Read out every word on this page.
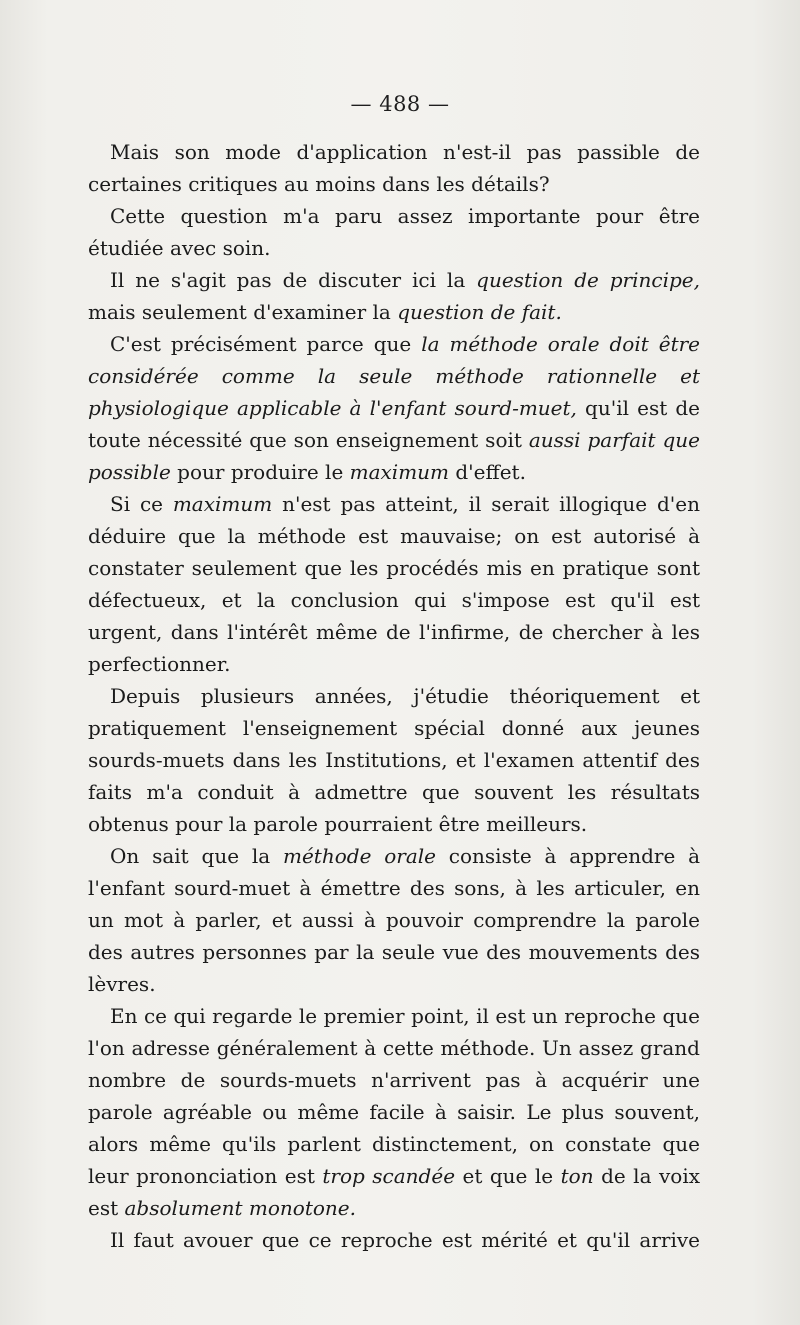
— 488 —

Mais son mode d'application n'est-il pas passible de certaines critiques au moins dans les détails?

Cette question m'a paru assez importante pour être étudiée avec soin.

Il ne s'agit pas de discuter ici la question de principe, mais seulement d'examiner la question de fait.

C'est précisément parce que la méthode orale doit être considérée comme la seule méthode rationnelle et physiologique applicable à l'enfant sourd-muet, qu'il est de toute nécessité que son enseignement soit aussi parfait que possible pour produire le maximum d'effet.

Si ce maximum n'est pas atteint, il serait illogique d'en déduire que la méthode est mauvaise; on est autorisé à constater seulement que les procédés mis en pratique sont défectueux, et la conclusion qui s'impose est qu'il est urgent, dans l'intérêt même de l'infirme, de chercher à les perfectionner.

Depuis plusieurs années, j'étudie théoriquement et pratiquement l'enseignement spécial donné aux jeunes sourds-muets dans les Institutions, et l'examen attentif des faits m'a conduit à admettre que souvent les résultats obtenus pour la parole pourraient être meilleurs.

On sait que la méthode orale consiste à apprendre à l'enfant sourd-muet à émettre des sons, à les articuler, en un mot à parler, et aussi à pouvoir comprendre la parole des autres personnes par la seule vue des mouvements des lèvres.

En ce qui regarde le premier point, il est un reproche que l'on adresse généralement à cette méthode. Un assez grand nombre de sourds-muets n'arrivent pas à acquérir une parole agréable ou même facile à saisir. Le plus souvent, alors même qu'ils parlent distinctement, on constate que leur prononciation est trop scandée et que le ton de la voix est absolument monotone.

Il faut avouer que ce reproche est mérité et qu'il arrive
